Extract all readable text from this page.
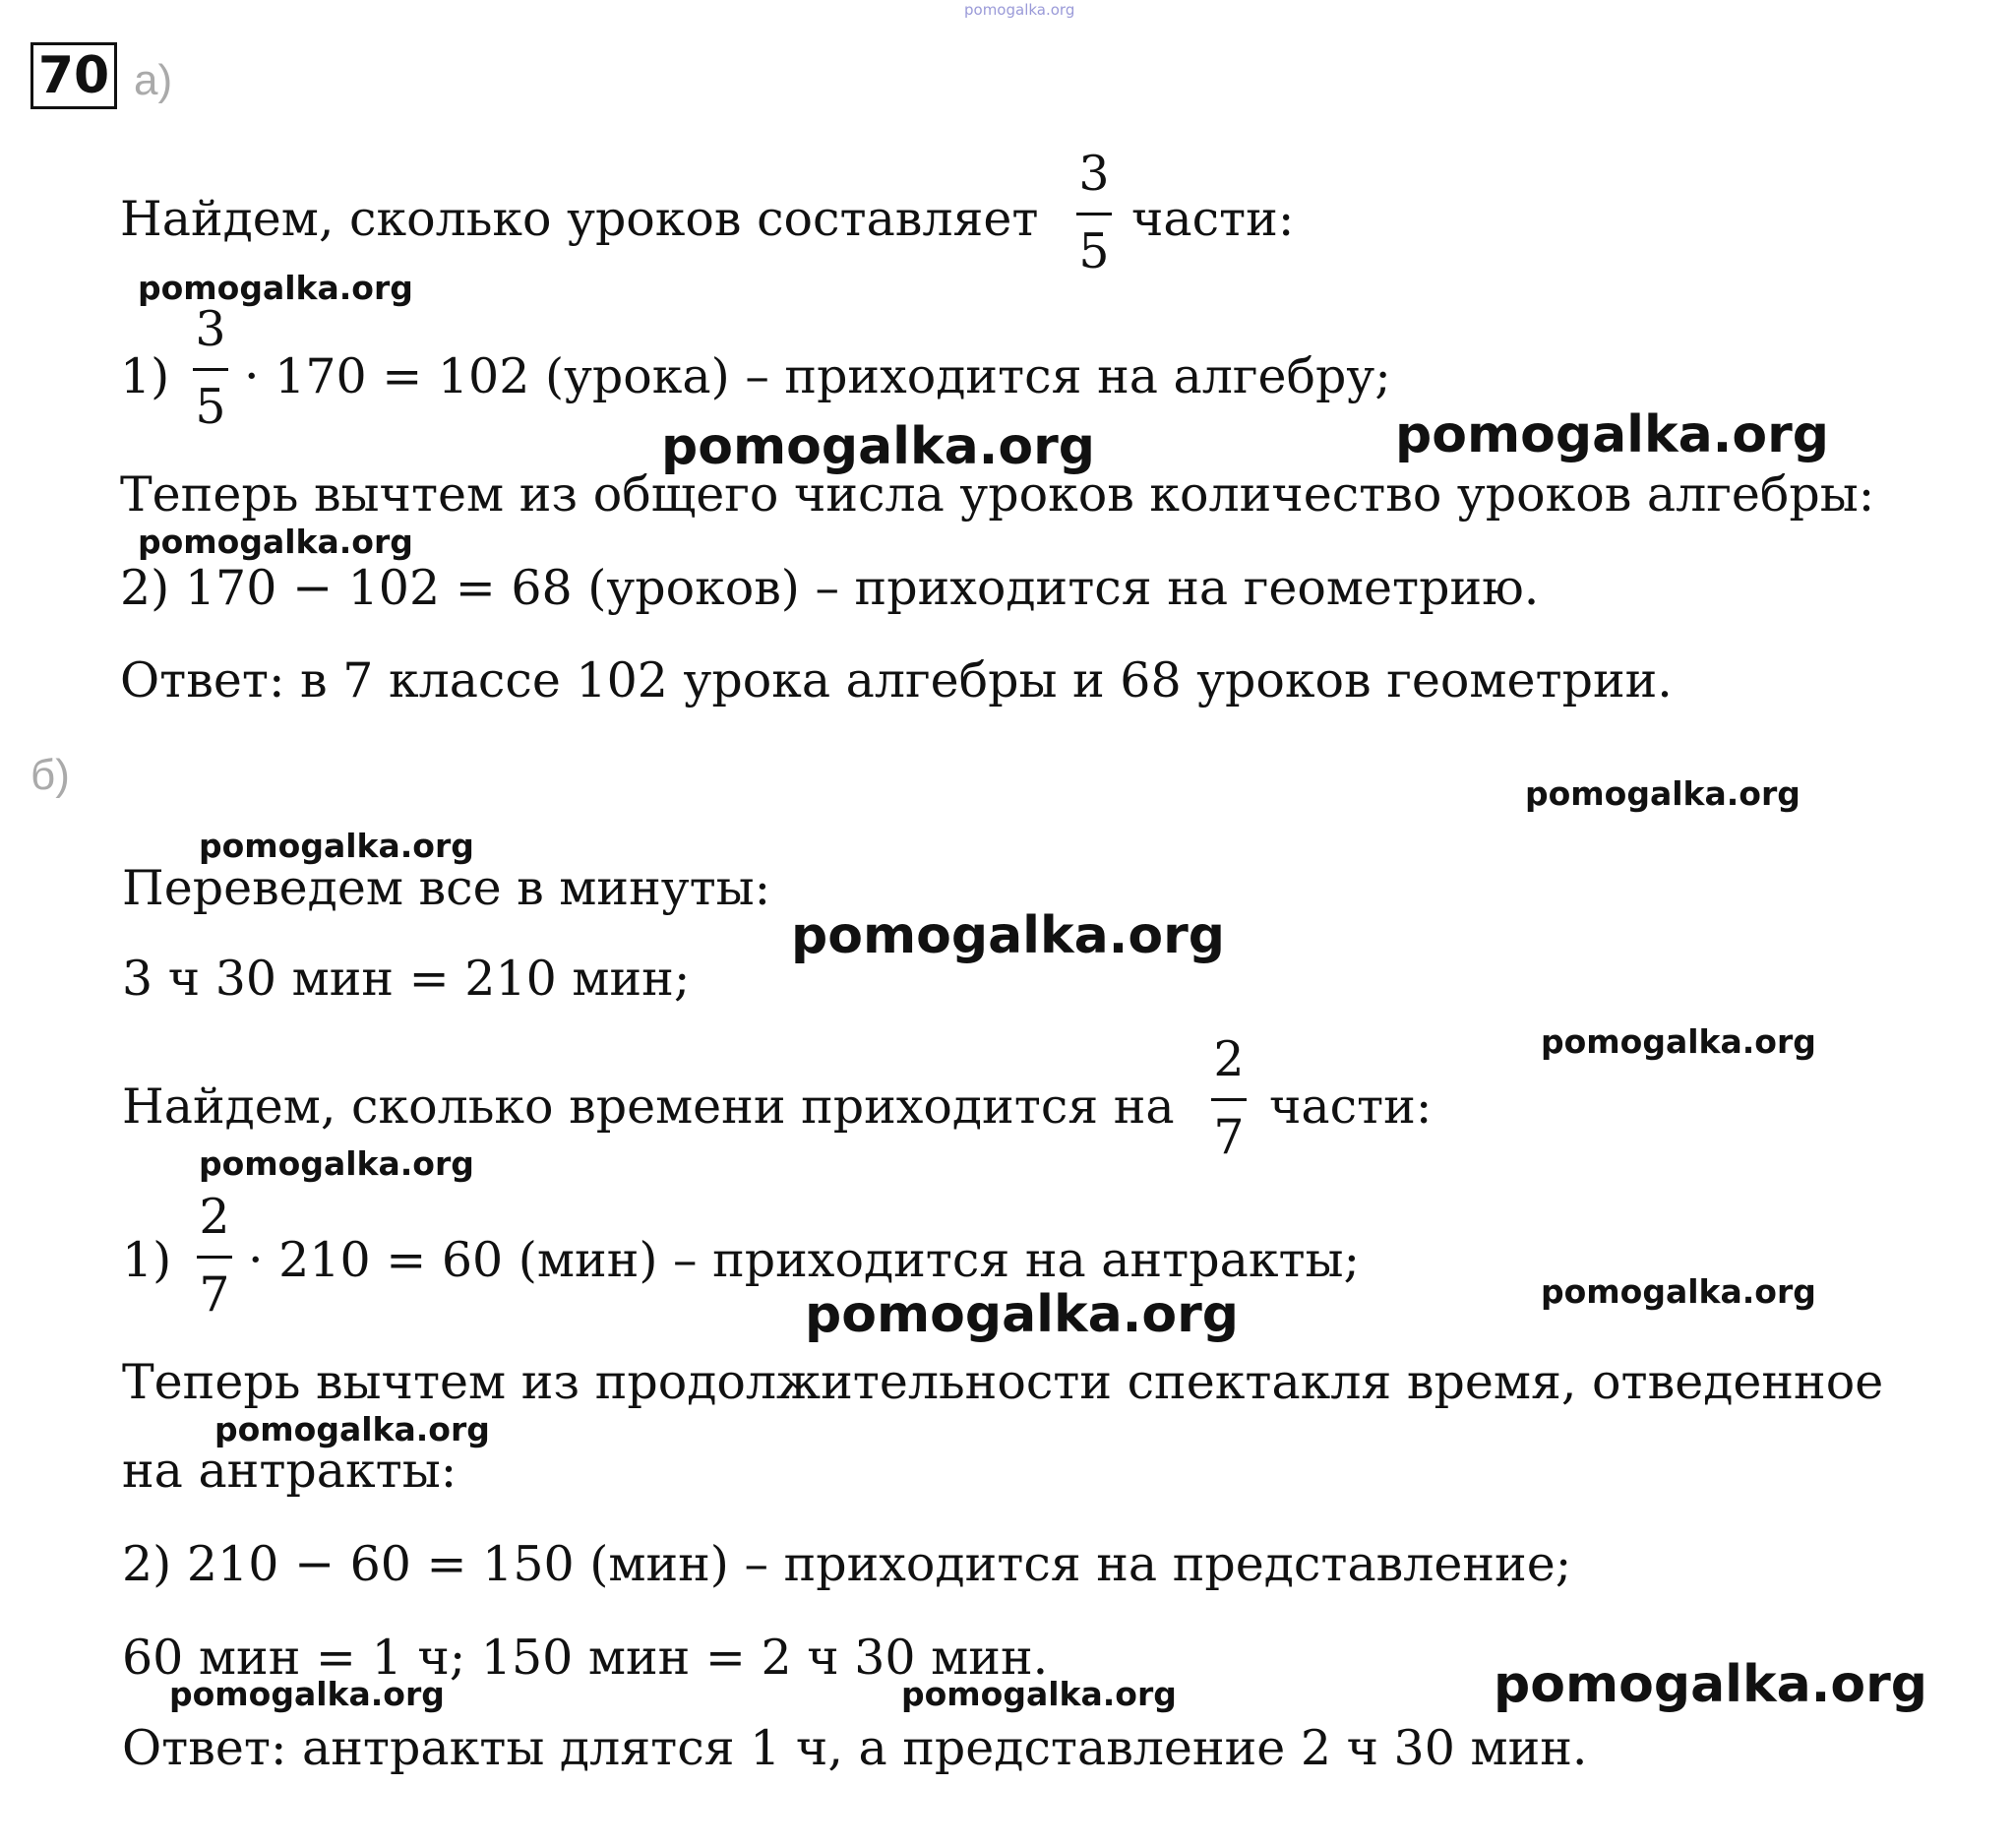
pomogalka.org
70 а)
Найдем, сколько уроков составляет
3
5
части:
1)
3
5
· 170 = 102 (урока) – приходится на алгебру;
Теперь вычтем из общего числа уроков количество уроков алгебры:
2) 170 − 102 = 68 (уроков) – приходится на геометрию.
Ответ: в 7 классе 102 урока алгебры и 68 уроков геометрии.
б)
Переведем все в минуты:
3 ч 30 мин = 210 мин;
Найдем, сколько времени приходится на
2
7
части:
1)
2
7
· 210 = 60 (мин) – приходится на антракты;
Теперь вычтем из продолжительности спектакля время, отведенное
на антракты:
2) 210 − 60 = 150 (мин) – приходится на представление;
60 мин = 1 ч; 150 мин = 2 ч 30 мин.
Ответ: антракты длятся 1 ч, а представление 2 ч 30 мин.
pomogalka.org
pomogalka.org	pomogalka.org
pomogalka.org
pomogalka.org
pomogalka.org
pomogalka.org
pomogalka.org
pomogalka.org
pomogalka.org
pomogalka.org
pomogalka.org
pomogalka.org	pomogalka.org	pomogalka.org
